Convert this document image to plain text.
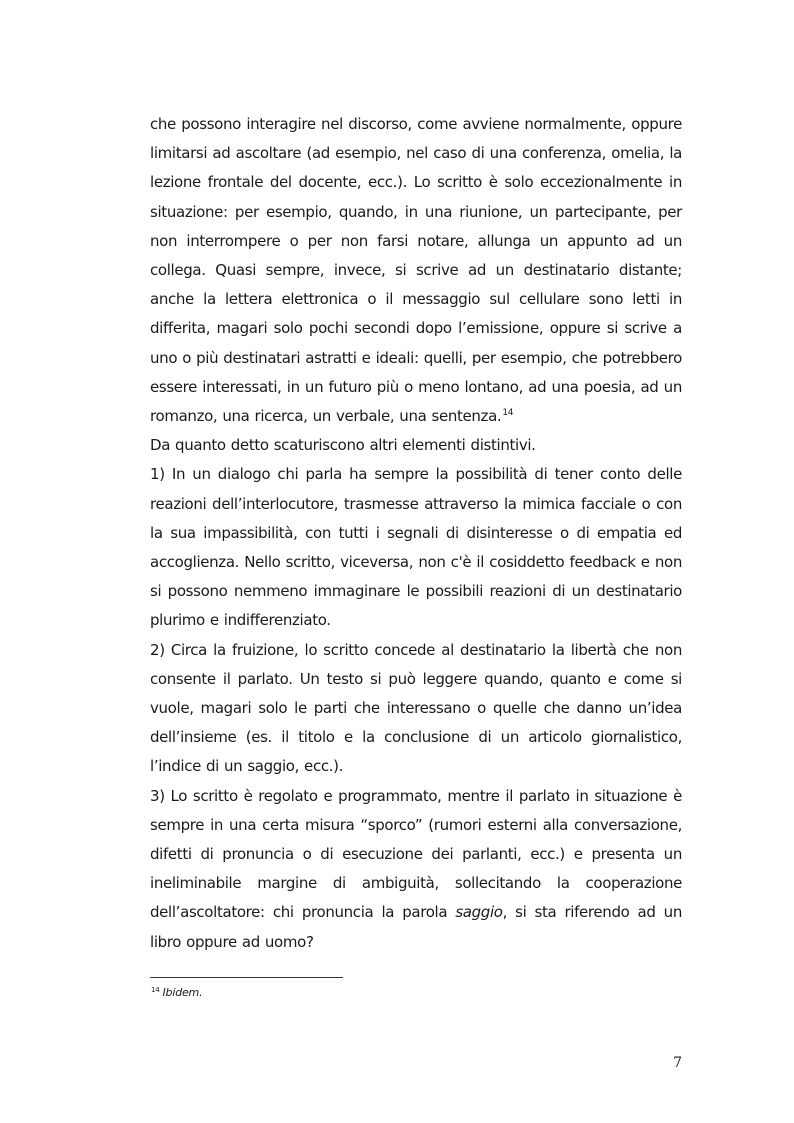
che possono interagire nel discorso, come avviene normalmente, oppure limitarsi ad ascoltare (ad esempio, nel caso di una conferenza, omelia, la lezione frontale del docente, ecc.). Lo scritto è solo eccezionalmente in situazione: per esempio, quando, in una riunione, un partecipante, per non interrompere o per non farsi notare, allunga un appunto ad un collega. Quasi sempre, invece, si scrive ad un destinatario distante; anche la lettera elettronica o il messaggio sul cellulare sono letti in differita, magari solo pochi secondi dopo l’emissione, oppure si scrive a uno o più destinatari astratti e ideali: quelli, per esempio, che potrebbero essere interessati, in un futuro più o meno lontano, ad una poesia, ad un romanzo, una ricerca, un verbale, una sentenza.$^{14}$

Da quanto detto scaturiscono altri elementi distintivi.

1) In un dialogo chi parla ha sempre la possibilità di tener conto delle reazioni dell’interlocutore, trasmesse attraverso la mimica facciale o con la sua impassibilità, con tutti i segnali di disinteresse o di empatia ed accoglienza. Nello scritto, viceversa, non c'è il cosiddetto feedback e non si possono nemmeno immaginare le possibili reazioni di un destinatario plurimo e indifferenziato.

2) Circa la fruizione, lo scritto concede al destinatario la libertà che non consente il parlato. Un testo si può leggere quando, quanto e come si vuole, magari solo le parti che interessano o quelle che danno un’idea dell’insieme (es. il titolo e la conclusione di un articolo giornalistico, l’indice di un saggio, ecc.).

3) Lo scritto è regolato e programmato, mentre il parlato in situazione è sempre in una certa misura “sporco” (rumori esterni alla conversazione, difetti di pronuncia o di esecuzione dei parlanti, ecc.) e presenta un ineliminabile margine di ambiguità, sollecitando la cooperazione dell’ascoltatore: chi pronuncia la parola saggio, si sta riferendo ad un libro oppure ad uomo?

$^{14}$ Ibidem.
7
